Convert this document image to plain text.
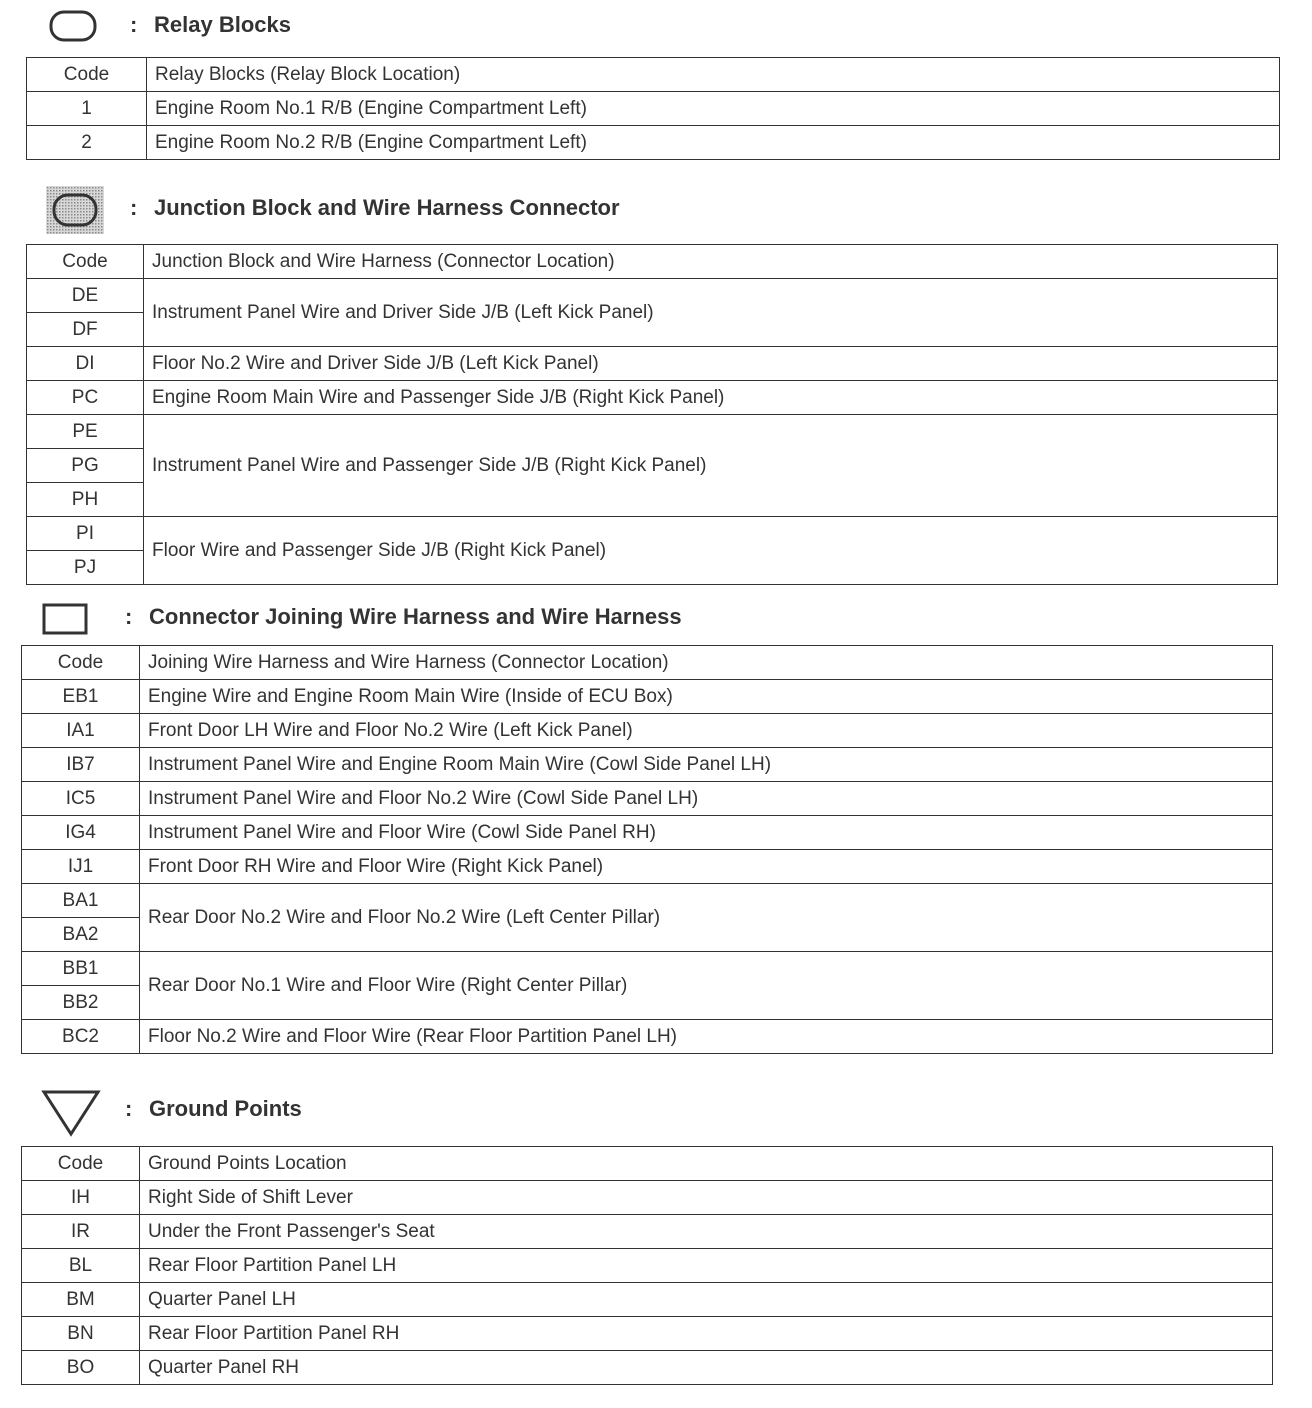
: Relay Blocks
Code	Relay Blocks (Relay Block Location)
1	Engine Room No.1 R/B (Engine Compartment Left)
2	Engine Room No.2 R/B (Engine Compartment Left)
: Junction Block and Wire Harness Connector
Code	Junction Block and Wire Harness (Connector Location)
DE	Instrument Panel Wire and Driver Side J/B (Left Kick Panel)
DF	
DI	Floor No.2 Wire and Driver Side J/B (Left Kick Panel)
PC	Engine Room Main Wire and Passenger Side J/B (Right Kick Panel)
PE	Instrument Panel Wire and Passenger Side J/B (Right Kick Panel)
PG	
PH	
PI	Floor Wire and Passenger Side J/B (Right Kick Panel)
PJ	
: Connector Joining Wire Harness and Wire Harness
Code	Joining Wire Harness and Wire Harness (Connector Location)
EB1	Engine Wire and Engine Room Main Wire (Inside of ECU Box)
IA1	Front Door LH Wire and Floor No.2 Wire (Left Kick Panel)
IB7	Instrument Panel Wire and Engine Room Main Wire (Cowl Side Panel LH)
IC5	Instrument Panel Wire and Floor No.2 Wire (Cowl Side Panel LH)
IG4	Instrument Panel Wire and Floor Wire (Cowl Side Panel RH)
IJ1	Front Door RH Wire and Floor Wire (Right Kick Panel)
BA1	Rear Door No.2 Wire and Floor No.2 Wire (Left Center Pillar)
BA2	
BB1	Rear Door No.1 Wire and Floor Wire (Right Center Pillar)
BB2	
BC2	Floor No.2 Wire and Floor Wire (Rear Floor Partition Panel LH)
: Ground Points
Code	Ground Points Location
IH	Right Side of Shift Lever
IR	Under the Front Passenger's Seat
BL	Rear Floor Partition Panel LH
BM	Quarter Panel LH
BN	Rear Floor Partition Panel RH
BO	Quarter Panel RH
